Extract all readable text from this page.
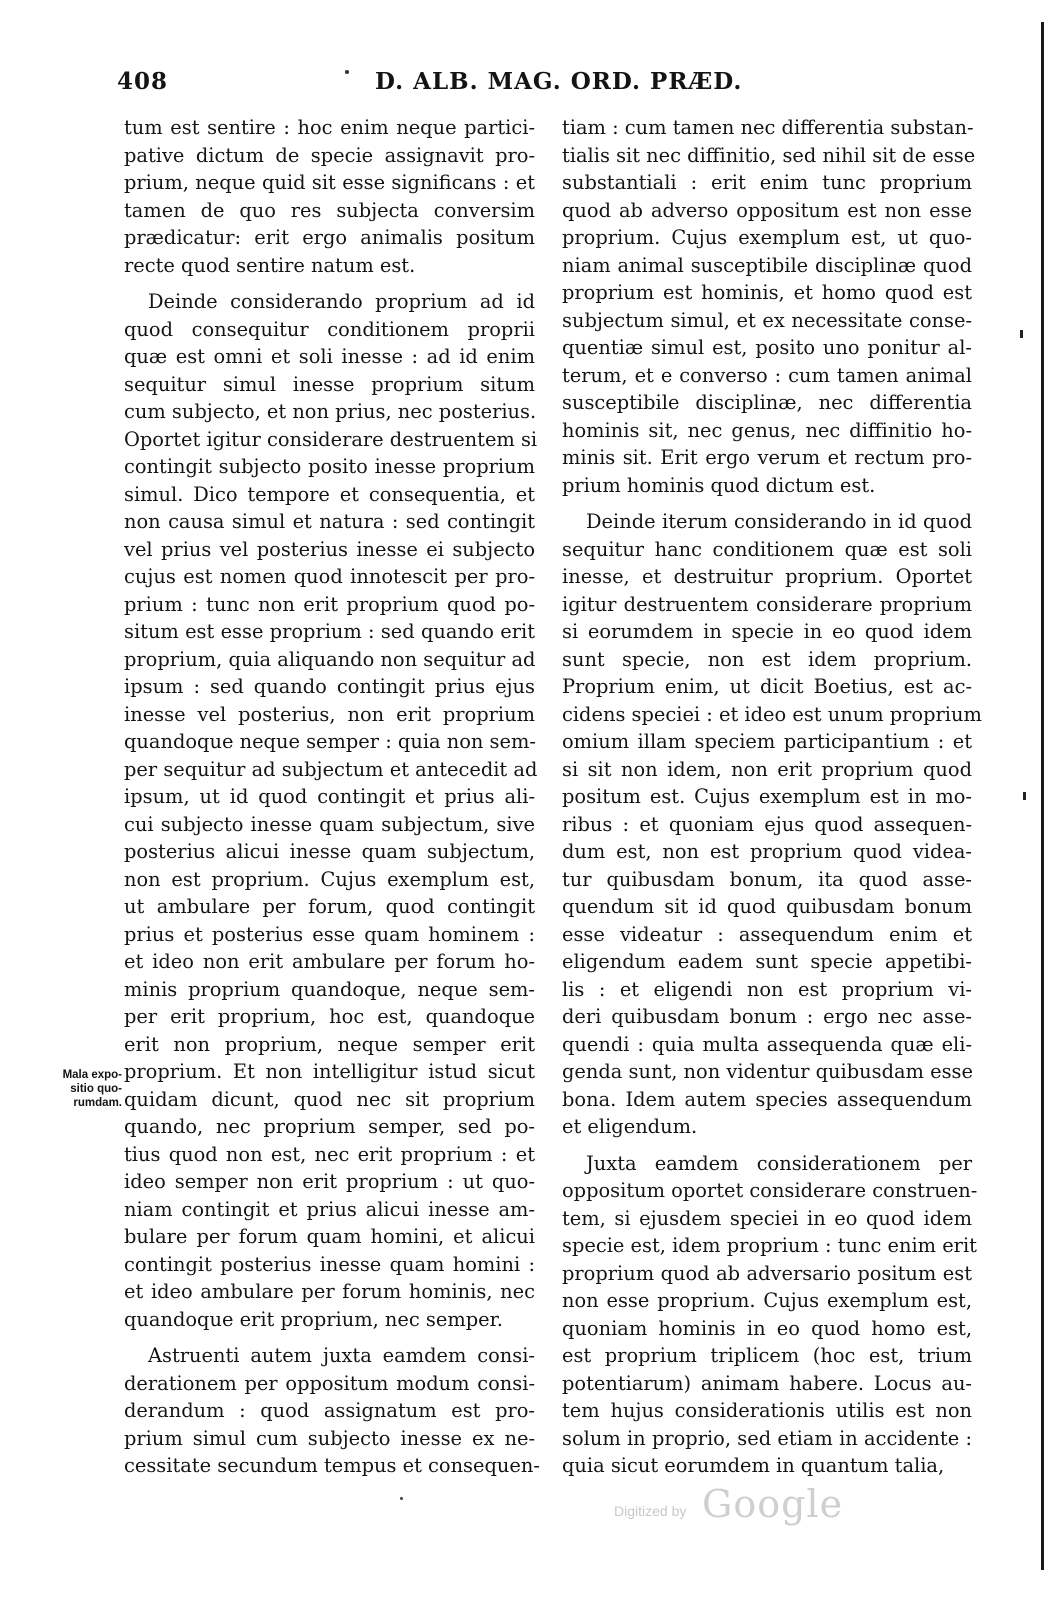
408	D. ALB. MAG. ORD. PRÆD.
Mala expo-
sitio quo-
rumdam.
tum est sentire : hoc enim neque partici-
pative dictum de specie assignavit pro-
prium, neque quid sit esse significans : et
tamen de quo res subjecta conversim
prædicatur: erit ergo animalis positum
recte quod sentire natum est.
Deinde considerando proprium ad id
quod consequitur conditionem proprii
quæ est omni et soli inesse : ad id enim
sequitur simul inesse proprium situm
cum subjecto, et non prius, nec posterius.
Oportet igitur considerare destruentem si
contingit subjecto posito inesse proprium
simul. Dico tempore et consequentia, et
non causa simul et natura : sed contingit
vel prius vel posterius inesse ei subjecto
cujus est nomen quod innotescit per pro-
prium : tunc non erit proprium quod po-
situm est esse proprium : sed quando erit
proprium, quia aliquando non sequitur ad
ipsum : sed quando contingit prius ejus
inesse vel posterius, non erit proprium
quandoque neque semper : quia non sem-
per sequitur ad subjectum et antecedit ad
ipsum, ut id quod contingit et prius ali-
cui subjecto inesse quam subjectum, sive
posterius alicui inesse quam subjectum,
non est proprium. Cujus exemplum est,
ut ambulare per forum, quod contingit
prius et posterius esse quam hominem :
et ideo non erit ambulare per forum ho-
minis proprium quandoque, neque sem-
per erit proprium, hoc est, quandoque
erit non proprium, neque semper erit
proprium. Et non intelligitur istud sicut
quidam dicunt, quod nec sit proprium
quando, nec proprium semper, sed po-
tius quod non est, nec erit proprium : et
ideo semper non erit proprium : ut quo-
niam contingit et prius alicui inesse am-
bulare per forum quam homini, et alicui
contingit posterius inesse quam homini :
et ideo ambulare per forum hominis, nec
quandoque erit proprium, nec semper.
Astruenti autem juxta eamdem consi-
derationem per oppositum modum consi-
derandum : quod assignatum est pro-
prium simul cum subjecto inesse ex ne-
cessitate secundum tempus et consequen-
tiam : cum tamen nec differentia substan-
tialis sit nec diffinitio, sed nihil sit de esse
substantiali : erit enim tunc proprium
quod ab adverso oppositum est non esse
proprium. Cujus exemplum est, ut quo-
niam animal susceptibile disciplinæ quod
proprium est hominis, et homo quod est
subjectum simul, et ex necessitate conse-
quentiæ simul est, posito uno ponitur al-
terum, et e converso : cum tamen animal
susceptibile disciplinæ, nec differentia
hominis sit, nec genus, nec diffinitio ho-
minis sit. Erit ergo verum et rectum pro-
prium hominis quod dictum est.
Deinde iterum considerando in id quod
sequitur hanc conditionem quæ est soli
inesse, et destruitur proprium. Oportet
igitur destruentem considerare proprium
si eorumdem in specie in eo quod idem
sunt specie, non est idem proprium.
Proprium enim, ut dicit Boetius, est ac-
cidens speciei : et ideo est unum proprium
omium illam speciem participantium : et
si sit non idem, non erit proprium quod
positum est. Cujus exemplum est in mo-
ribus : et quoniam ejus quod assequen-
dum est, non est proprium quod videa-
tur quibusdam bonum, ita quod asse-
quendum sit id quod quibusdam bonum
esse videatur : assequendum enim et
eligendum eadem sunt specie appetibi-
lis : et eligendi non est proprium vi-
deri quibusdam bonum : ergo nec asse-
quendi : quia multa assequenda quæ eli-
genda sunt, non videntur quibusdam esse
bona. Idem autem species assequendum
et eligendum.
Juxta eamdem considerationem per
oppositum oportet considerare construen-
tem, si ejusdem speciei in eo quod idem
specie est, idem proprium : tunc enim erit
proprium quod ab adversario positum est
non esse proprium. Cujus exemplum est,
quoniam hominis in eo quod homo est,
est proprium triplicem (hoc est, trium
potentiarum) animam habere. Locus au-
tem hujus considerationis utilis est non
solum in proprio, sed etiam in accidente :
quia sicut eorumdem in quantum talia,
Digitized by Google
